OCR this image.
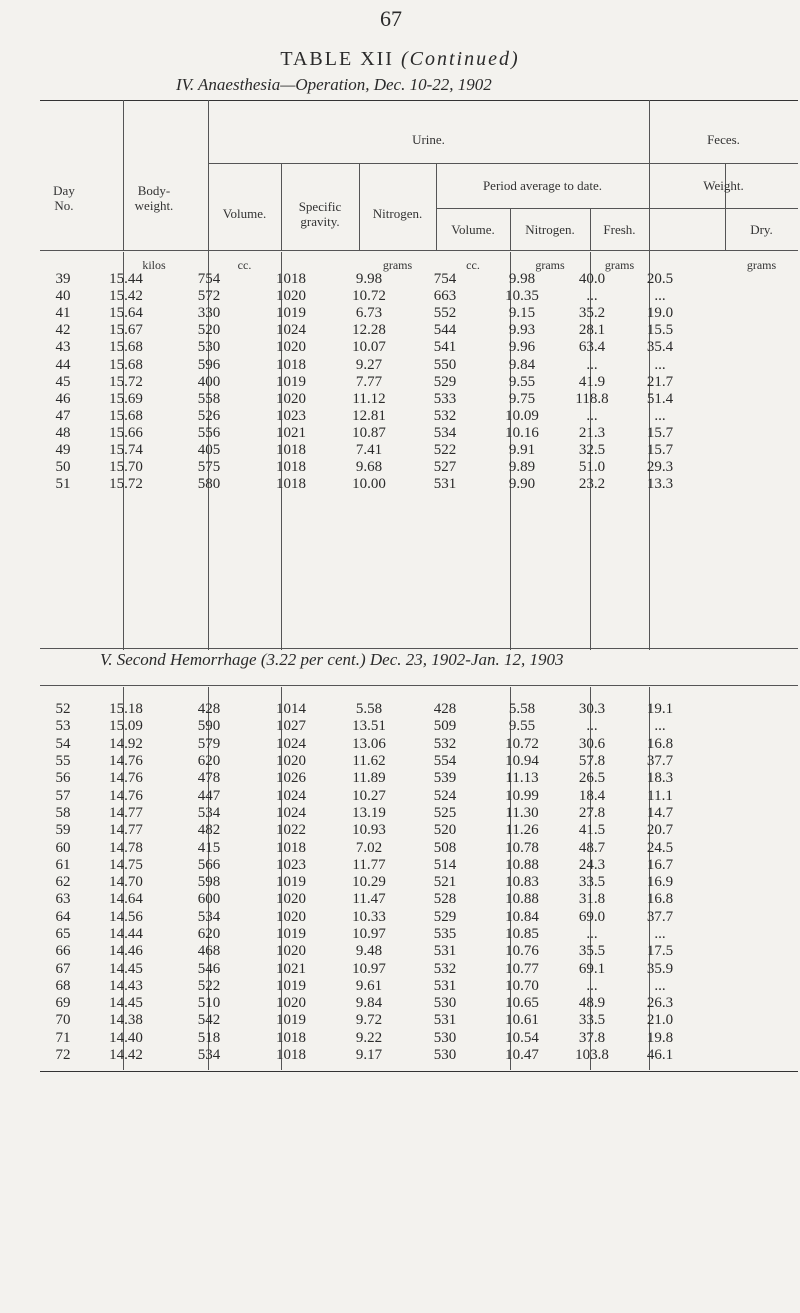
67
TABLE XII (Continued)
IV. Anaesthesia—Operation, Dec. 10-22, 1902
Day No.
Body-weight.
Urine.	Feces.
Volume.	Specific gravity.
Nitrogen.
Period average to date.	Weight.
Volume.	Nitrogen.	Fresh.	Dry.
kilos	cc.	grams	cc.	grams	grams	grams
39	15.44	754	1018	9.98	754	9.98	40.0	20.5
40	15.42	572	1020	10.72	663	10.35	...	...
41	15.64	330	1019	6.73	552	9.15	35.2	19.0
42	15.67	520	1024	12.28	544	9.93	28.1	15.5
43	15.68	530	1020	10.07	541	9.96	63.4	35.4
44	15.68	596	1018	9.27	550	9.84	...	...
45	15.72	400	1019	7.77	529	9.55	41.9	21.7
46	15.69	558	1020	11.12	533	9.75	118.8	51.4
47	15.68	526	1023	12.81	532	10.09	...	...
48	15.66	556	1021	10.87	534	10.16	21.3	15.7
49	15.74	405	1018	7.41	522	9.91	32.5	15.7
50	15.70	575	1018	9.68	527	9.89	51.0	29.3
51	15.72	580	1018	10.00	531	9.90	23.2	13.3
V. Second Hemorrhage (3.22 per cent.) Dec. 23, 1902-Jan. 12, 1903
52	15.18	428	1014	5.58	428	5.58	30.3	19.1
53	15.09	590	1027	13.51	509	9.55	...	...
54	14.92	579	1024	13.06	532	10.72	30.6	16.8
55	14.76	620	1020	11.62	554	10.94	57.8	37.7
56	14.76	478	1026	11.89	539	11.13	26.5	18.3
57	14.76	447	1024	10.27	524	10.99	18.4	11.1
58	14.77	534	1024	13.19	525	11.30	27.8	14.7
59	14.77	482	1022	10.93	520	11.26	41.5	20.7
60	14.78	415	1018	7.02	508	10.78	48.7	24.5
61	14.75	566	1023	11.77	514	10.88	24.3	16.7
62	14.70	598	1019	10.29	521	10.83	33.5	16.9
63	14.64	600	1020	11.47	528	10.88	31.8	16.8
64	14.56	534	1020	10.33	529	10.84	69.0	37.7
65	14.44	620	1019	10.97	535	10.85	...	...
66	14.46	468	1020	9.48	531	10.76	35.5	17.5
67	14.45	546	1021	10.97	532	10.77	69.1	35.9
68	14.43	522	1019	9.61	531	10.70	...	...
69	14.45	510	1020	9.84	530	10.65	48.9	26.3
70	14.38	542	1019	9.72	531	10.61	33.5	21.0
71	14.40	518	1018	9.22	530	10.54	37.8	19.8
72	14.42	534	1018	9.17	530	10.47	103.8	46.1
